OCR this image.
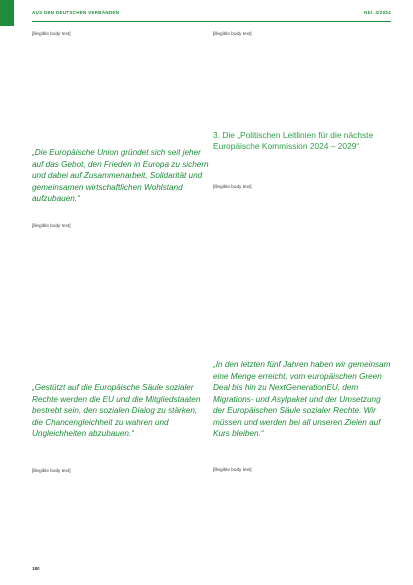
AUS DEN DEUTSCHEN VERBÄNDEN	Nbl. 4/2024

[illegible body text]

„Die Europäische Union gründet sich seit jeher auf das Gebot, den Frieden in Europa zu sichern und dabei auf Zusammenarbeit, Solidarität und gemeinsamen wirtschaftlichen Wohlstand aufzubauen.“

[illegible body text]

„Gestützt auf die Europäische Säule sozialer Rechte werden die EU und die Mitgliedstaaten bestrebt sein, den sozialen Dialog zu stärken, die Chancengleichheit zu wahren und Ungleichheiten abzubauen.“

[illegible body text]

[illegible body text]

3. Die „Politischen Leitlinien für die nächste Europäische Kommission 2024 – 2029“

[illegible body text]

„In den letzten fünf Jahren haben wir gemeinsam eine Menge erreicht, vom europäischen Green Deal bis hin zu NextGenerationEU, dem Migrations- und Asylpaket und der Umsetzung der Europäischen Säule sozialer Rechte. Wir müssen und werden bei all unseren Zielen auf Kurs bleiben.“

[illegible body text]

180
